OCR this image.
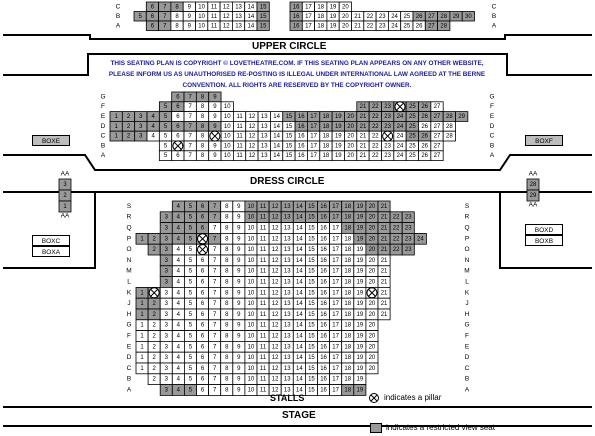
C	C
6 7 8 9 10 11 12 13 14 15	16 17 18 19 20
B	B
5 6 7 8 9 10 11 12 13 14 15	16 17 18 19 20 21 22 23 24 25 26 27 28 29 30
A	A
6 7 8 9 10 11 12 13 14 15	16 17 18 19 20 21 22 23 24 25 26 27 28
G	G
6 7 8 9
F	F
5 6 7 8 9 10	21 22 23	25 26 27
E	E
1 2 3 4 5 6 7 8 9 10 11 12 13 14 15 16 17 18 19 20 21 22 23 24 25 26 27 28 29
D	D
1 2 3 4 5 6 7 8 9 10 11 12 13 14 15 16 17 18 19 20 21 22 23 24 25 26 27 28
C	C
1 2 3 4 5 6 7 8	10 11 12 13 14 15 16 17 18 19 20 21 22	24 25 26 27 28
B	B
5	7 8 9 10 11 12 13 14 15 16 17 18 19 20 21 22 23 24 25 26 27
A	A
5 6 7 8 9 10 11 12 13 14 15 16 17 18 19 20 21 22 23 24 25 26 27
S	S
4 5 6 7 8 9 10 11 12 13 14 15 16 17 18 19 20 21
R	R
3 4 5 6 7 8 9 10 11 12 13 14 15 16 17 18 19 20 21 22 23
Q	Q
3 4 5 6 7 8 9 10 11 12 13 14 15 16 17 18 19 20 21 22 23
P	P
1 2 3 4 5	7 8 9 10 11 12 13 14 15 16 17 18 19 20 21 22 23 24
O	O
2 3 4 5	7 8 9 10 11 12 13 14 15 16 17 18 19 20 21 22 23
N	N
3 4 5 6 7 8 9 10 11 12 13 14 15 16 17 18 19 20 21
M	M
3 4 5 6 7 8 9 10 11 12 13 14 15 16 17 18 19 20 21
L	L
3 4 5 6 7 8 9 10 11 12 13 14 15 16 17 18 19 20 21
K	K
1	3 4 5 6 7 8 9 10 11 12 13 14 15 16 17 18 19	21
J	J
1 2 3 4 5 6 7 8 9 10 11 12 13 14 15 16 17 18 19 20 21
H	H
1 2 3 4 5 6 7 8 9 10 11 12 13 14 15 16 17 18 19 20 21
G	G
1 2 3 4 5 6 7 8 9 10 11 12 13 14 15 16 17 18 19 20
F	F
1 2 3 4 5 6 7 8 9 10 11 12 13 14 15 16 17 18 19 20
E	E
1 2 3 4 5 6 7 8 9 10 11 12 13 14 15 16 17 18 19 20
D	D
1 2 3 4 5 6 7 8 9 10 11 12 13 14 15 16 17 18 19 20
C	C
1 2 3 4 5 6 7 8 9 10 11 12 13 14 15 16 17 18 19 20
B	B
2 3 4 5 6 7 8 9 10 11 12 13 14 15 16 17 18 19
A	A
3 4 5 6 7 8 9 10 11 12 13 14 15 16 17 18 19
AA
3
2
1
AA
AA
28
29
AA
UPPER CIRCLE
DRESS CIRCLE
STALLS
STAGE
THIS SEATING PLAN IS COPYRIGHT © LOVETHEATRE.COM. IF THIS SEATING PLAN APPEARS ON ANY OTHER WEBSITE,
PLEASE INFORM US AS UNAUTHORISED RE-POSTING IS ILLEGAL UNDER INTERNATIONAL LAW AGREED AT THE BERNE
CONVENTION. ALL RIGHTS ARE RESERVED BY THE COPYRIGHT OWNER.
BOXE	BOXF
BOXC
BOXA
BOXD
BOXB
indicates a pillar
indicates a restricted view seat
